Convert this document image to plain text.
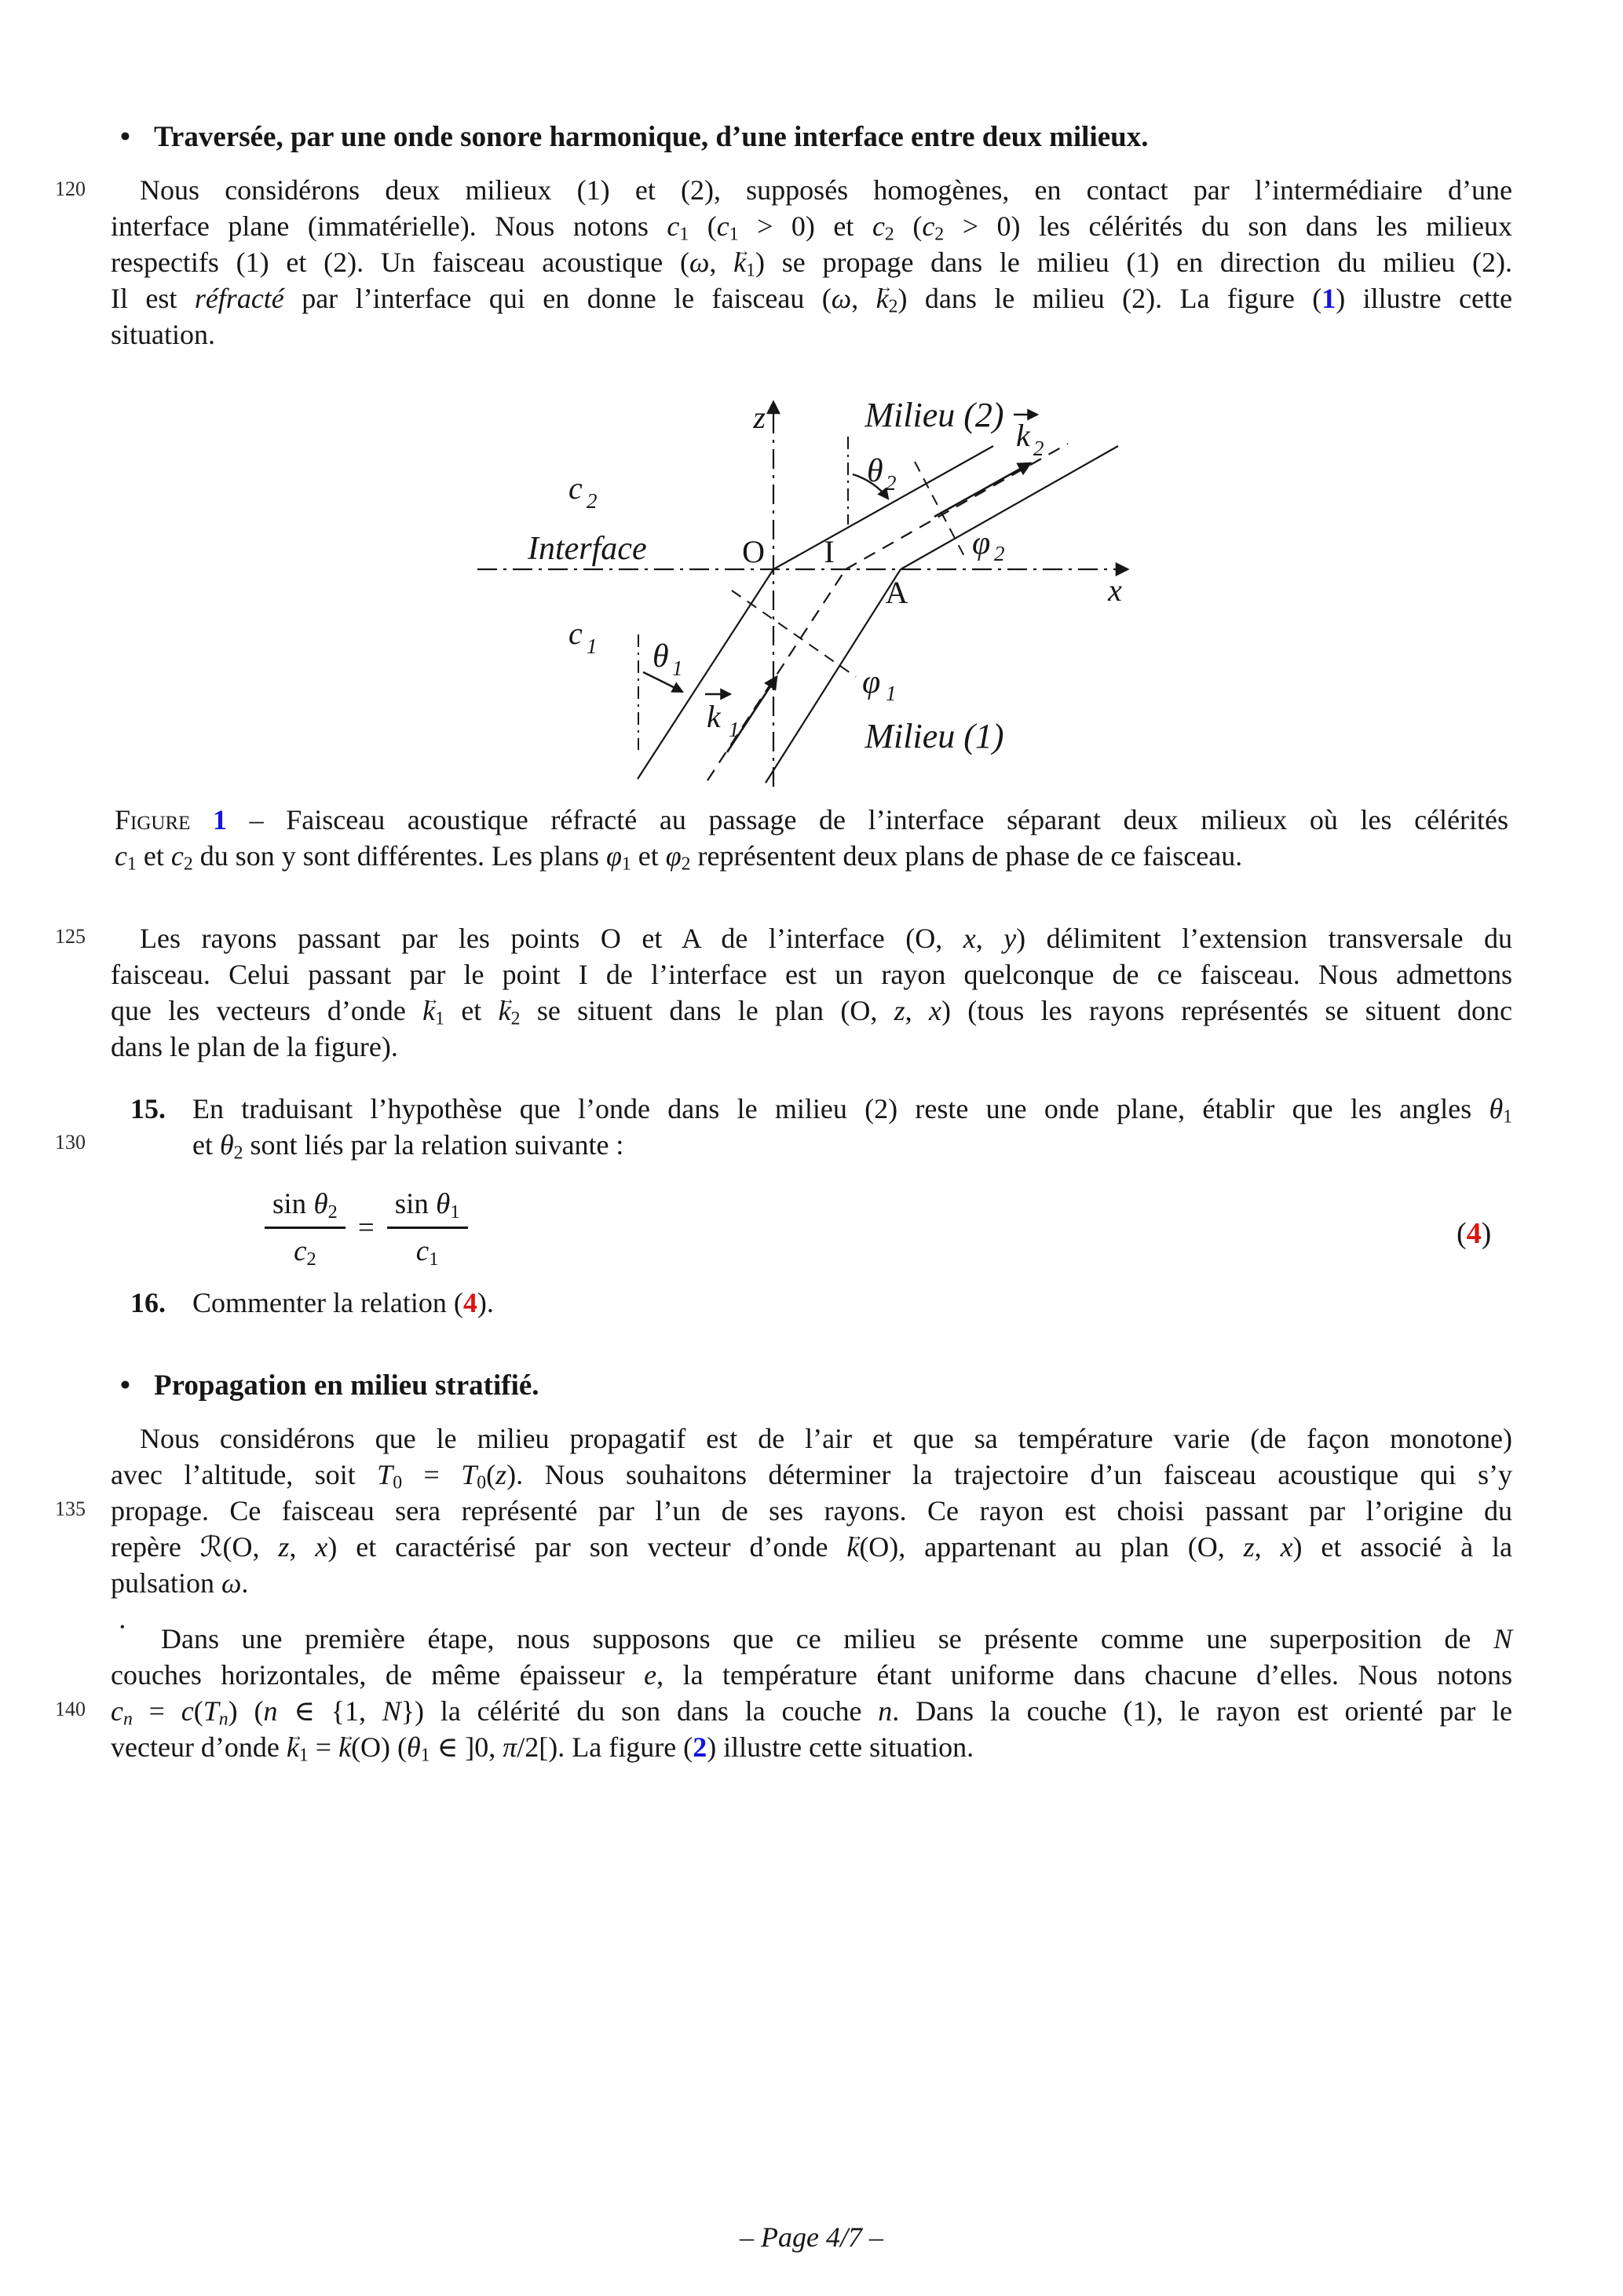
120
125
130
135
140
• Traversée, par une onde sonore harmonique, d’une interface entre deux milieux.
Nous considérons deux milieux (1) et (2), supposés homogènes, en contact par l’intermédiaire d’une
interface plane (immatérielle). Nous notons $c_1$ $(c_1 > 0)$ et $c_2$ $(c_2 > 0)$ les célérités du son dans les milieux
respectifs (1) et (2). Un faisceau acoustique (ω, $k \to_1$) se propage dans le milieu (1) en direction du milieu (2).
Il est réfracté par l’interface qui en donne le faisceau (ω, $k \to_2$) dans le milieu (2). La figure (1) illustre cette
situation.
z
x
O I
A
Interface
Milieu (2)
Milieu (1)
c 2
c 1
θ 2
θ 1
φ 2
φ 1
k 2
k 1
Figure 1 – Faisceau acoustique réfracté au passage de l’interface séparant deux milieux où les célérités
$c_1$ et $c_2$ du son y sont différentes. Les plans $\varphi_1$ et $\varphi_2$ représentent deux plans de phase de ce faisceau.
Les rayons passant par les points O et A de l’interface (O, x, y) délimitent l’extension transversale du
faisceau. Celui passant par le point I de l’interface est un rayon quelconque de ce faisceau. Nous admettons
que les vecteurs d’onde $k \to_1$ et $k \to_2$ se situent dans le plan (O, z, x) (tous les rayons représentés se situent donc
dans le plan de la figure).
15. En traduisant l’hypothèse que l’onde dans le milieu (2) reste une onde plane, établir que les angles $\theta_1$
et $\theta_2$ sont liés par la relation suivante :
$\frac{\sin \theta_2}{c_2} = \frac{\sin \theta_1}{c_1}$	(4)
16. Commenter la relation (4).
• Propagation en milieu stratifié.
Nous considérons que le milieu propagatif est de l’air et que sa température varie (de façon monotone)
avec l’altitude, soit $T_0 = T_0(z)$. Nous souhaitons déterminer la trajectoire d’un faisceau acoustique qui s’y
propage. Ce faisceau sera représenté par l’un de ses rayons. Ce rayon est choisi passant par l’origine du
repère ℛ(O, z, x) et caractérisé par son vecteur d’onde k →(O), appartenant au plan (O, z, x) et associé à la
pulsation ω.
•	Dans une première étape, nous supposons que ce milieu se présente comme une superposition de N
couches horizontales, de même épaisseur e, la température étant uniforme dans chacune d’elles. Nous notons
$c_n = c(T_n)$ (n ∈ {1, N}) la célérité du son dans la couche n. Dans la couche (1), le rayon est orienté par le
vecteur d’onde $k \to_1 = k \to(O)$ ($\theta_1$ ∈ ]0, π/2[). La figure (2) illustre cette situation.
– Page 4/7 –
